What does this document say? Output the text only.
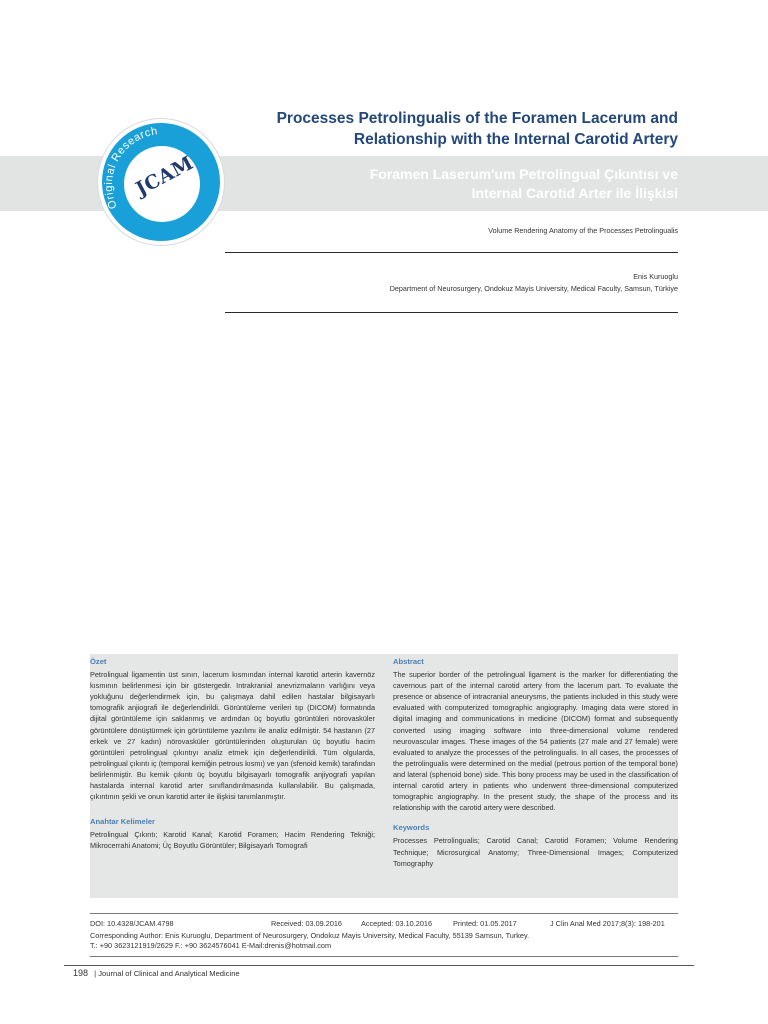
Original Research
JCAM
Processes Petrolingualis of the Foramen Lacerum and
Relationship with the Internal Carotid Artery
Foramen Laserum'um Petrolingual Çıkıntısı ve
Internal Carotid Arter ile İlişkisi
Volume Rendering Anatomy of the Processes Petrolingualis
Enis Kuruoglu
Department of Neurosurgery, Ondokuz Mayis University, Medical Faculty, Samsun, Türkiye
Özet
Petrolingual ligamentin üst sınırı, lacerum kısmından internal karotid arterin kavernöz kısmının belirlenmesi için bir göstergedir. Intrakranial anevrizmaların varlığını veya yokluğunu değerlendirmek için, bu çalışmaya dahil edilen hastalar bilgisayarlı tomografik anjiografi ile değerlendirildi. Görüntüleme verileri tıp (DICOM) formatında dijital görüntüleme için saklanmış ve ardından üç boyutlu görüntüleri nörovasküler görüntülere dönüştürmek için görüntüleme yazılımı ile analiz edilmiştir. 54 hastanın (27 erkek ve 27 kadın) nörovasküler görüntülerinden oluşturulan üç boyutlu hacim görüntüleri petrolingual çıkıntıyı analiz etmek için değerlendirildi. Tüm olgularda, petrolingual çıkıntı iç (temporal kemiğin petrous kısmı) ve yan (sfenoid kemik) tarafından belirlenmiştir. Bu kemik çıkıntı üç boyutlu bilgisayarlı tomografik anjiyografi yapılan hastalarda internal karotid arter sınıflandırılmasında kullanılabilir. Bu çalışmada, çıkıntının şekli ve onun karotid arter ile ilişkisi tanımlanmıştır.
Anahtar Kelimeler
Petrolingual Çıkıntı; Karotid Kanal; Karotid Foramen; Hacim Rendering Tekniği; Mikrocerrahi Anatomi; Üç Boyutlu Görüntüler; Bilgisayarlı Tomografi
Abstract
The superior border of the petrolingual ligament is the marker for differentiating the cavernous part of the internal carotid artery from the lacerum part. To evaluate the presence or absence of intracranial aneurysms, the patients included in this study were evaluated with computerized tomographic angiography. Imaging data were stored in digital imaging and communications in medicine (DICOM) format and subsequently converted using imaging software into three-dimensional volume rendered neurovascular images. These images of the 54 patients (27 male and 27 female) were evaluated to analyze the processes of the petrolingualis. In all cases, the processes of the petrolingualis were determined on the medial (petrous portion of the temporal bone) and lateral (sphenoid bone) side. This bony process may be used in the classification of internal carotid artery in patients who underwent three-dimensional computerized tomographic angiography. In the present study, the shape of the process and its relationship with the carotid artery were described.
Keywords
Processes Petrolingualis; Carotid Canal; Carotid Foramen; Volume Rendering Technique; Microsurgical Anatomy; Three-Dimensional Images; Computerized Tomography
DOI: 10.4328/JCAM.4798	Received: 03.09.2016	Accepted: 03.10.2016	Printed: 01.05.2017	J Clin Anal Med 2017;8(3): 198-201
Corresponding Author: Enis Kuruoglu, Department of Neurosurgery, Ondokuz Mayis University, Medical Faculty, 55139 Samsun, Turkey.
T.: +90 3623121919/2629 F.: +90 3624576041 E-Mail:drenis@hotmail.com
198 | Journal of Clinical and Analytical Medicine
